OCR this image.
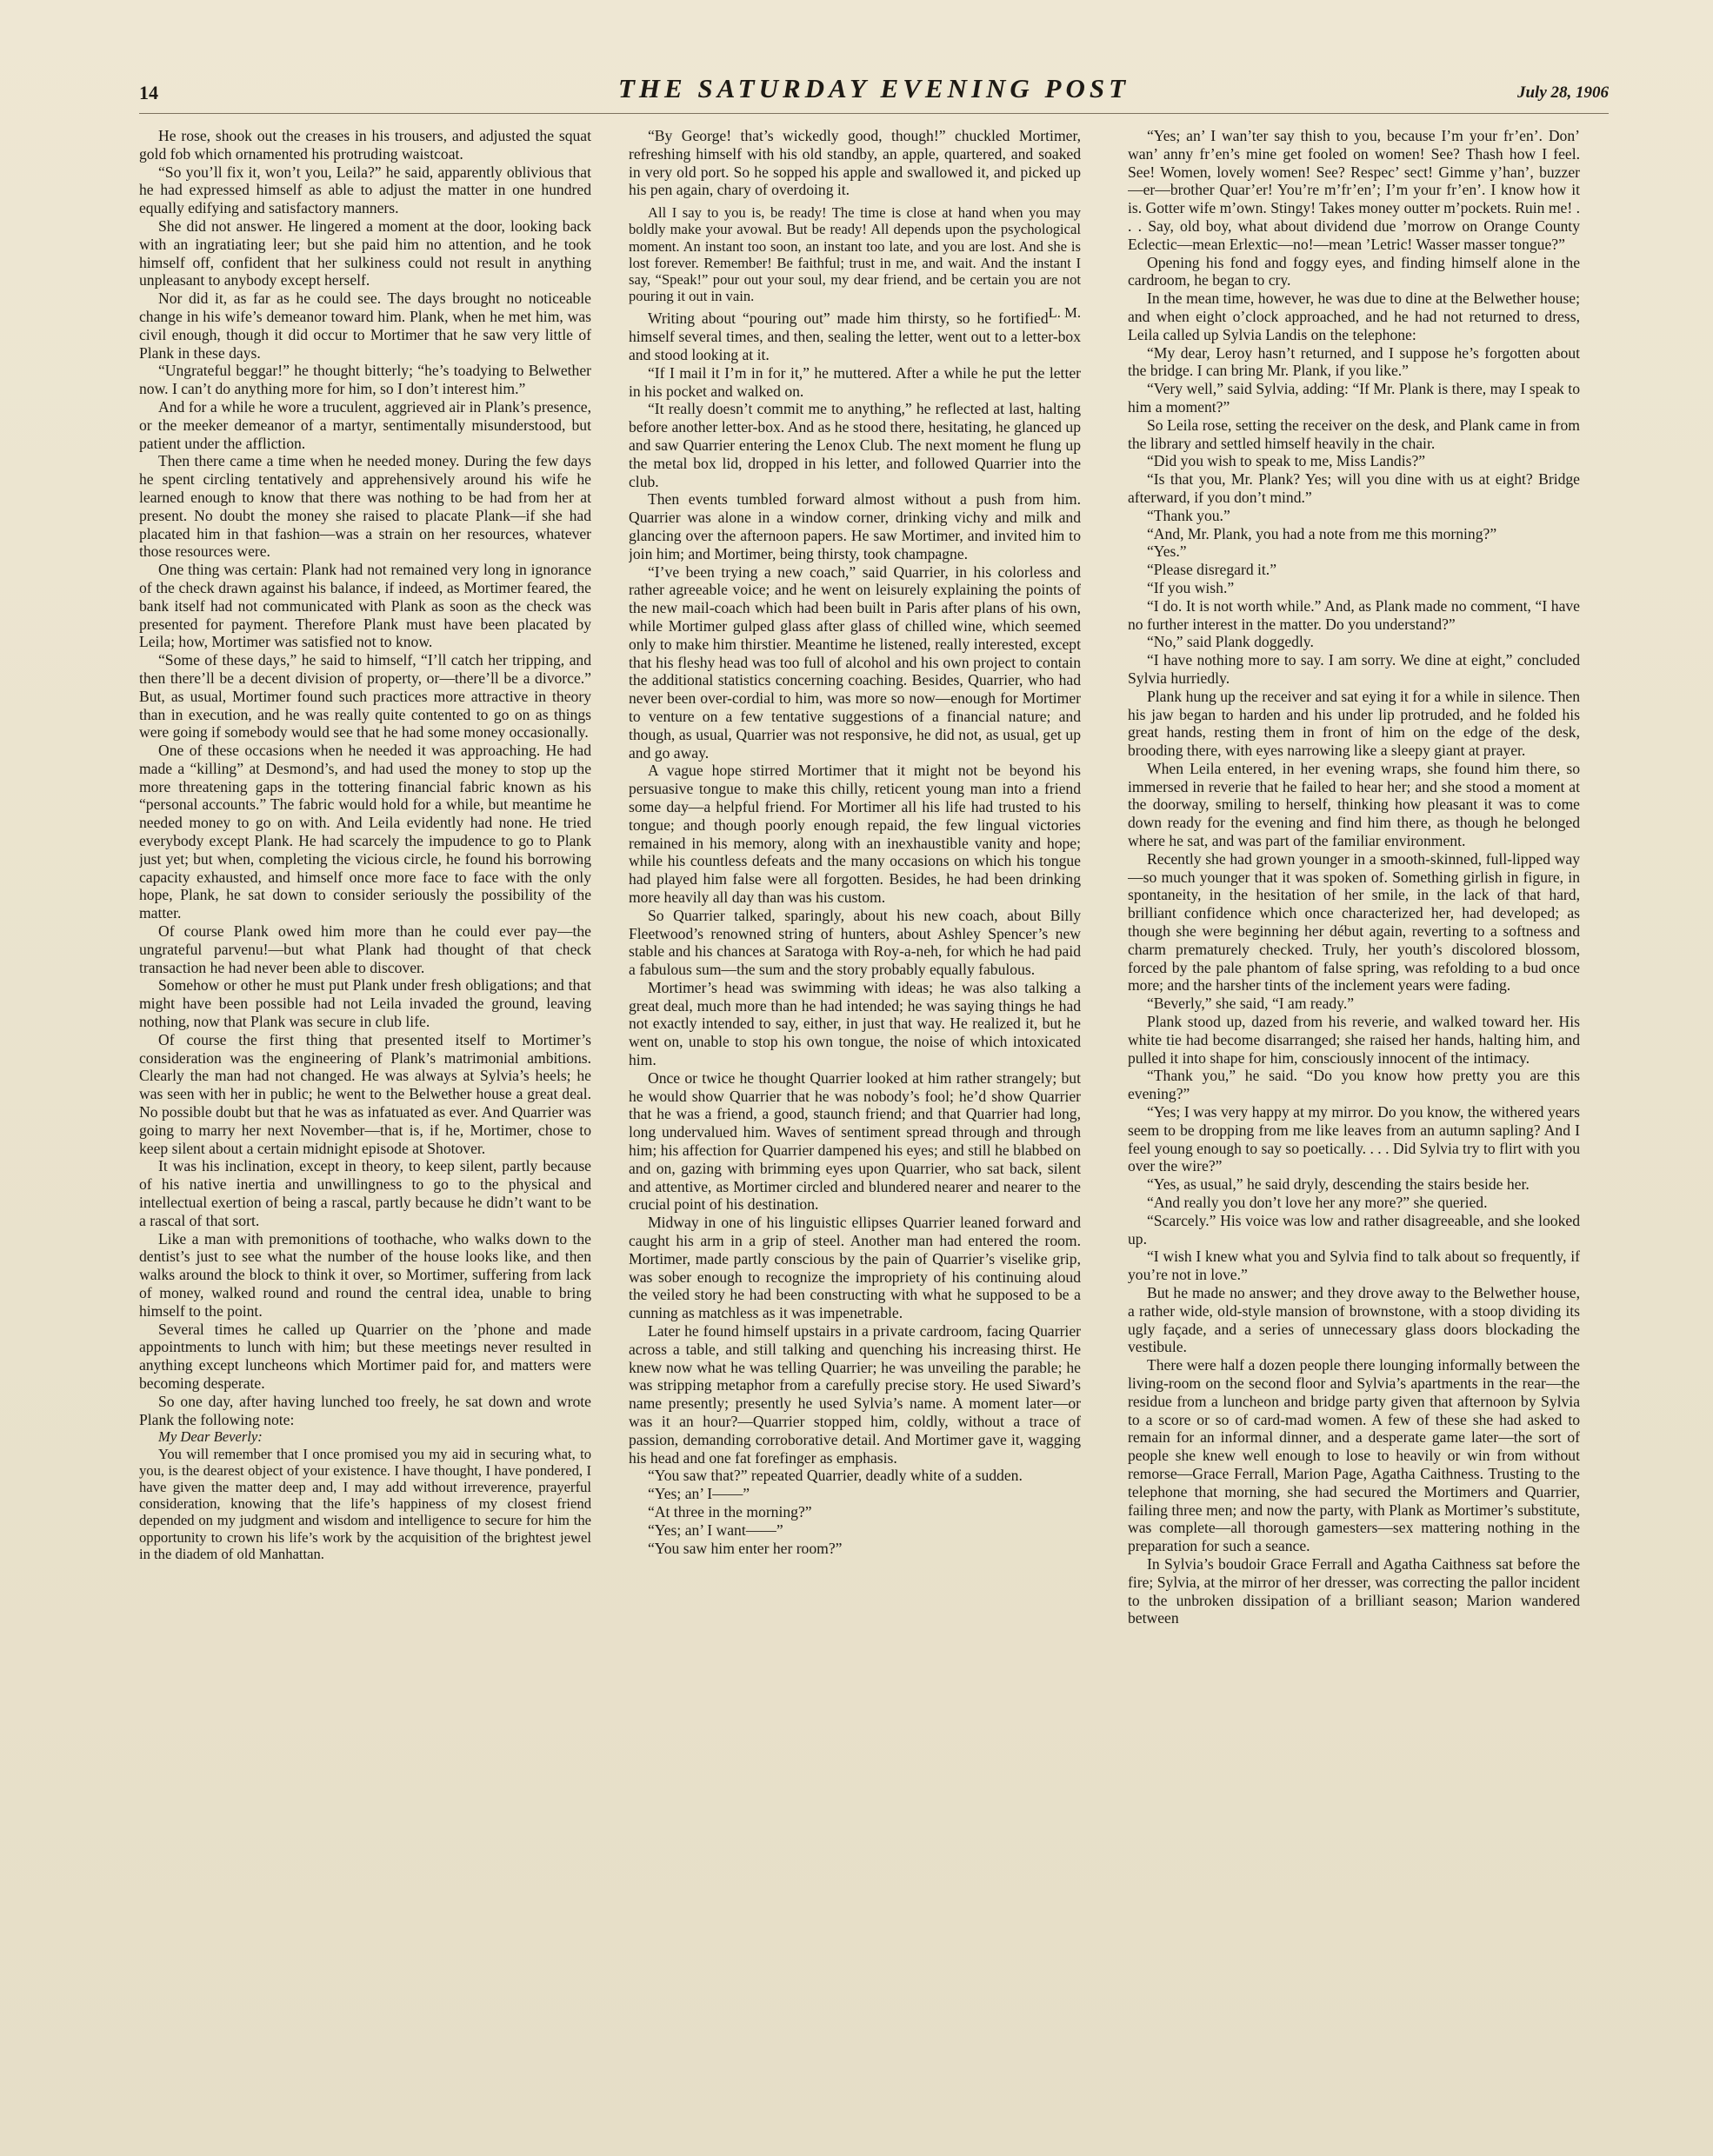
14	THE SATURDAY EVENING POST	July 28, 1906

He rose, shook out the creases in his trousers, and adjusted the squat gold fob which ornamented his protruding waistcoat.

“So you’ll fix it, won’t you, Leila?” he said, apparently oblivious that he had expressed himself as able to adjust the matter in one hundred equally edifying and satisfactory manners.

She did not answer. He lingered a moment at the door, looking back with an ingratiating leer; but she paid him no attention, and he took himself off, confident that her sulkiness could not result in anything unpleasant to anybody except herself.

Nor did it, as far as he could see. The days brought no noticeable change in his wife’s demeanor toward him. Plank, when he met him, was civil enough, though it did occur to Mortimer that he saw very little of Plank in these days.

“Ungrateful beggar!” he thought bitterly; “he’s toadying to Belwether now. I can’t do anything more for him, so I don’t interest him.”

And for a while he wore a truculent, aggrieved air in Plank’s presence, or the meeker demeanor of a martyr, sentimentally misunderstood, but patient under the affliction.

Then there came a time when he needed money. During the few days he spent circling tentatively and apprehensively around his wife he learned enough to know that there was nothing to be had from her at present. No doubt the money she raised to placate Plank—if she had placated him in that fashion—was a strain on her resources, whatever those resources were.

One thing was certain: Plank had not remained very long in ignorance of the check drawn against his balance, if indeed, as Mortimer feared, the bank itself had not communicated with Plank as soon as the check was presented for payment. Therefore Plank must have been placated by Leila; how, Mortimer was satisfied not to know.

“Some of these days,” he said to himself, “I’ll catch her tripping, and then there’ll be a decent division of property, or—there’ll be a divorce.” But, as usual, Mortimer found such practices more attractive in theory than in execution, and he was really quite contented to go on as things were going if somebody would see that he had some money occasionally.

One of these occasions when he needed it was approaching. He had made a “killing” at Desmond’s, and had used the money to stop up the more threatening gaps in the tottering financial fabric known as his “personal accounts.” The fabric would hold for a while, but meantime he needed money to go on with. And Leila evidently had none. He tried everybody except Plank. He had scarcely the impudence to go to Plank just yet; but when, completing the vicious circle, he found his borrowing capacity exhausted, and himself once more face to face with the only hope, Plank, he sat down to consider seriously the possibility of the matter.

Of course Plank owed him more than he could ever pay—the ungrateful parvenu!—but what Plank had thought of that check transaction he had never been able to discover.

Somehow or other he must put Plank under fresh obligations; and that might have been possible had not Leila invaded the ground, leaving nothing, now that Plank was secure in club life.

Of course the first thing that presented itself to Mortimer’s consideration was the engineering of Plank’s matrimonial ambitions. Clearly the man had not changed. He was always at Sylvia’s heels; he was seen with her in public; he went to the Belwether house a great deal. No possible doubt but that he was as infatuated as ever. And Quarrier was going to marry her next November—that is, if he, Mortimer, chose to keep silent about a certain midnight episode at Shotover.

It was his inclination, except in theory, to keep silent, partly because of his native inertia and unwillingness to go to the physical and intellectual exertion of being a rascal, partly because he didn’t want to be a rascal of that sort.

Like a man with premonitions of toothache, who walks down to the dentist’s just to see what the number of the house looks like, and then walks around the block to think it over, so Mortimer, suffering from lack of money, walked round and round the central idea, unable to bring himself to the point.

Several times he called up Quarrier on the ’phone and made appointments to lunch with him; but these meetings never resulted in anything except luncheons which Mortimer paid for, and matters were becoming desperate.

So one day, after having lunched too freely, he sat down and wrote Plank the following note:

My Dear Beverly:

You will remember that I once promised you my aid in securing what, to you, is the dearest object of your existence. I have thought, I have pondered, I have given the matter deep and, I may add without irreverence, prayerful consideration, knowing that the life’s happiness of my closest friend depended on my judgment and wisdom and intelligence to secure for him the opportunity to crown his life’s work by the acquisition of the brightest jewel in the diadem of old Manhattan.

“By George! that’s wickedly good, though!” chuckled Mortimer, refreshing himself with his old standby, an apple, quartered, and soaked in very old port. So he sopped his apple and swallowed it, and picked up his pen again, chary of overdoing it.

All I say to you is, be ready! The time is close at hand when you may boldly make your avowal. But be ready! All depends upon the psychological moment. An instant too soon, an instant too late, and you are lost. And she is lost forever. Remember! Be faithful; trust in me, and wait. And the instant I say, “Speak!” pour out your soul, my dear friend, and be certain you are not pouring it out in vain.

L. M.

Writing about “pouring out” made him thirsty, so he fortified himself several times, and then, sealing the letter, went out to a letter-box and stood looking at it.

“If I mail it I’m in for it,” he muttered. After a while he put the letter in his pocket and walked on.

“It really doesn’t commit me to anything,” he reflected at last, halting before another letter-box. And as he stood there, hesitating, he glanced up and saw Quarrier entering the Lenox Club. The next moment he flung up the metal box lid, dropped in his letter, and followed Quarrier into the club.

Then events tumbled forward almost without a push from him. Quarrier was alone in a window corner, drinking vichy and milk and glancing over the afternoon papers. He saw Mortimer, and invited him to join him; and Mortimer, being thirsty, took champagne.

“I’ve been trying a new coach,” said Quarrier, in his colorless and rather agreeable voice; and he went on leisurely explaining the points of the new mail-coach which had been built in Paris after plans of his own, while Mortimer gulped glass after glass of chilled wine, which seemed only to make him thirstier. Meantime he listened, really interested, except that his fleshy head was too full of alcohol and his own project to contain the additional statistics concerning coaching. Besides, Quarrier, who had never been over-cordial to him, was more so now—enough for Mortimer to venture on a few tentative suggestions of a financial nature; and though, as usual, Quarrier was not responsive, he did not, as usual, get up and go away.

A vague hope stirred Mortimer that it might not be beyond his persuasive tongue to make this chilly, reticent young man into a friend some day—a helpful friend. For Mortimer all his life had trusted to his tongue; and though poorly enough repaid, the few lingual victories remained in his memory, along with an inexhaustible vanity and hope; while his countless defeats and the many occasions on which his tongue had played him false were all forgotten. Besides, he had been drinking more heavily all day than was his custom.

So Quarrier talked, sparingly, about his new coach, about Billy Fleetwood’s renowned string of hunters, about Ashley Spencer’s new stable and his chances at Saratoga with Roy-a-neh, for which he had paid a fabulous sum—the sum and the story probably equally fabulous.

Mortimer’s head was swimming with ideas; he was also talking a great deal, much more than he had intended; he was saying things he had not exactly intended to say, either, in just that way. He realized it, but he went on, unable to stop his own tongue, the noise of which intoxicated him.

Once or twice he thought Quarrier looked at him rather strangely; but he would show Quarrier that he was nobody’s fool; he’d show Quarrier that he was a friend, a good, staunch friend; and that Quarrier had long, long undervalued him. Waves of sentiment spread through and through him; his affection for Quarrier dampened his eyes; and still he blabbed on and on, gazing with brimming eyes upon Quarrier, who sat back, silent and attentive, as Mortimer circled and blundered nearer and nearer to the crucial point of his destination.

Midway in one of his linguistic ellipses Quarrier leaned forward and caught his arm in a grip of steel. Another man had entered the room. Mortimer, made partly conscious by the pain of Quarrier’s viselike grip, was sober enough to recognize the impropriety of his continuing aloud the veiled story he had been constructing with what he supposed to be a cunning as matchless as it was impenetrable.

Later he found himself upstairs in a private cardroom, facing Quarrier across a table, and still talking and quenching his increasing thirst. He knew now what he was telling Quarrier; he was unveiling the parable; he was stripping metaphor from a carefully precise story. He used Siward’s name presently; presently he used Sylvia’s name. A moment later—or was it an hour?—Quarrier stopped him, coldly, without a trace of passion, demanding corroborative detail. And Mortimer gave it, wagging his head and one fat forefinger as emphasis.

“You saw that?” repeated Quarrier, deadly white of a sudden.

“Yes; an’ I——”

“At three in the morning?”

“Yes; an’ I want——”

“You saw him enter her room?”

“Yes; an’ I wan’ter say thish to you, because I’m your fr’en’. Don’ wan’ anny fr’en’s mine get fooled on women! See? Thash how I feel. See! Women, lovely women! See? Respec’ sect! Gimme y’han’, buzzer—er—brother Quar’er! You’re m’fr’en’; I’m your fr’en’. I know how it is. Gotter wife m’own. Stingy! Takes money outter m’pockets. Ruin me! . . . Say, old boy, what about dividend due ’morrow on Orange County Eclectic—mean Erlextic—no!—mean ’Letric! Wasser masser tongue?”

Opening his fond and foggy eyes, and finding himself alone in the cardroom, he began to cry.

In the mean time, however, he was due to dine at the Belwether house; and when eight o’clock approached, and he had not returned to dress, Leila called up Sylvia Landis on the telephone:

“My dear, Leroy hasn’t returned, and I suppose he’s forgotten about the bridge. I can bring Mr. Plank, if you like.”

“Very well,” said Sylvia, adding: “If Mr. Plank is there, may I speak to him a moment?”

So Leila rose, setting the receiver on the desk, and Plank came in from the library and settled himself heavily in the chair.

“Did you wish to speak to me, Miss Landis?”

“Is that you, Mr. Plank? Yes; will you dine with us at eight? Bridge afterward, if you don’t mind.”

“Thank you.”

“And, Mr. Plank, you had a note from me this morning?”

“Yes.”

“Please disregard it.”

“If you wish.”

“I do. It is not worth while.” And, as Plank made no comment, “I have no further interest in the matter. Do you understand?”

“No,” said Plank doggedly.

“I have nothing more to say. I am sorry. We dine at eight,” concluded Sylvia hurriedly.

Plank hung up the receiver and sat eying it for a while in silence. Then his jaw began to harden and his under lip protruded, and he folded his great hands, resting them in front of him on the edge of the desk, brooding there, with eyes narrowing like a sleepy giant at prayer.

When Leila entered, in her evening wraps, she found him there, so immersed in reverie that he failed to hear her; and she stood a moment at the doorway, smiling to herself, thinking how pleasant it was to come down ready for the evening and find him there, as though he belonged where he sat, and was part of the familiar environment.

Recently she had grown younger in a smooth-skinned, full-lipped way—so much younger that it was spoken of. Something girlish in figure, in spontaneity, in the hesitation of her smile, in the lack of that hard, brilliant confidence which once characterized her, had developed; as though she were beginning her début again, reverting to a softness and charm prematurely checked. Truly, her youth’s discolored blossom, forced by the pale phantom of false spring, was refolding to a bud once more; and the harsher tints of the inclement years were fading.

“Beverly,” she said, “I am ready.”

Plank stood up, dazed from his reverie, and walked toward her. His white tie had become disarranged; she raised her hands, halting him, and pulled it into shape for him, consciously innocent of the intimacy.

“Thank you,” he said. “Do you know how pretty you are this evening?”

“Yes; I was very happy at my mirror. Do you know, the withered years seem to be dropping from me like leaves from an autumn sapling? And I feel young enough to say so poetically. . . . Did Sylvia try to flirt with you over the wire?”

“Yes, as usual,” he said dryly, descending the stairs beside her.

“And really you don’t love her any more?” she queried.

“Scarcely.” His voice was low and rather disagreeable, and she looked up.

“I wish I knew what you and Sylvia find to talk about so frequently, if you’re not in love.”

But he made no answer; and they drove away to the Belwether house, a rather wide, old-style mansion of brownstone, with a stoop dividing its ugly façade, and a series of unnecessary glass doors blockading the vestibule.

There were half a dozen people there lounging informally between the living-room on the second floor and Sylvia’s apartments in the rear—the residue from a luncheon and bridge party given that afternoon by Sylvia to a score or so of card-mad women. A few of these she had asked to remain for an informal dinner, and a desperate game later—the sort of people she knew well enough to lose to heavily or win from without remorse—Grace Ferrall, Marion Page, Agatha Caithness. Trusting to the telephone that morning, she had secured the Mortimers and Quarrier, failing three men; and now the party, with Plank as Mortimer’s substitute, was complete—all thorough gamesters—sex mattering nothing in the preparation for such a seance.

In Sylvia’s boudoir Grace Ferrall and Agatha Caithness sat before the fire; Sylvia, at the mirror of her dresser, was correcting the pallor incident to the unbroken dissipation of a brilliant season; Marion wandered between
